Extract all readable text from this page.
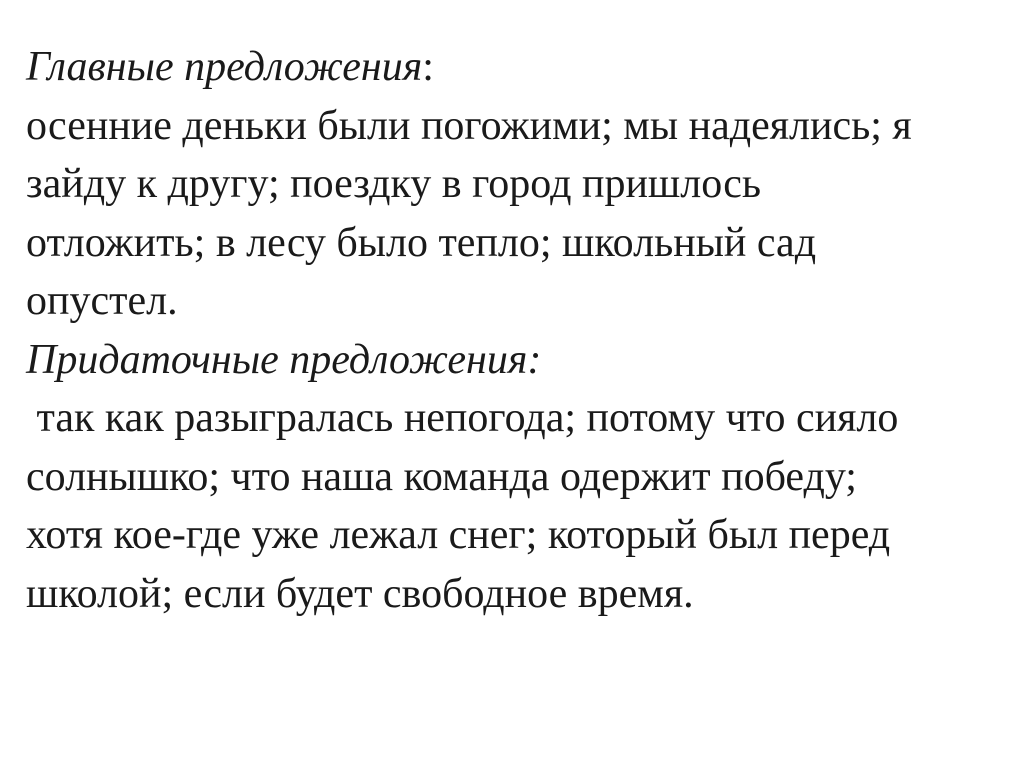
Главные предложения:
осенние деньки были погожими; мы надеялись; я
зайду к другу; поездку в город пришлось
отложить; в лесу было тепло; школьный сад
опустел.
Придаточные предложения:
так как разыгралась непогода; потому что сияло
солнышко; что наша команда одержит победу;
хотя кое-где уже лежал снег; который был перед
школой; если будет свободное время.
